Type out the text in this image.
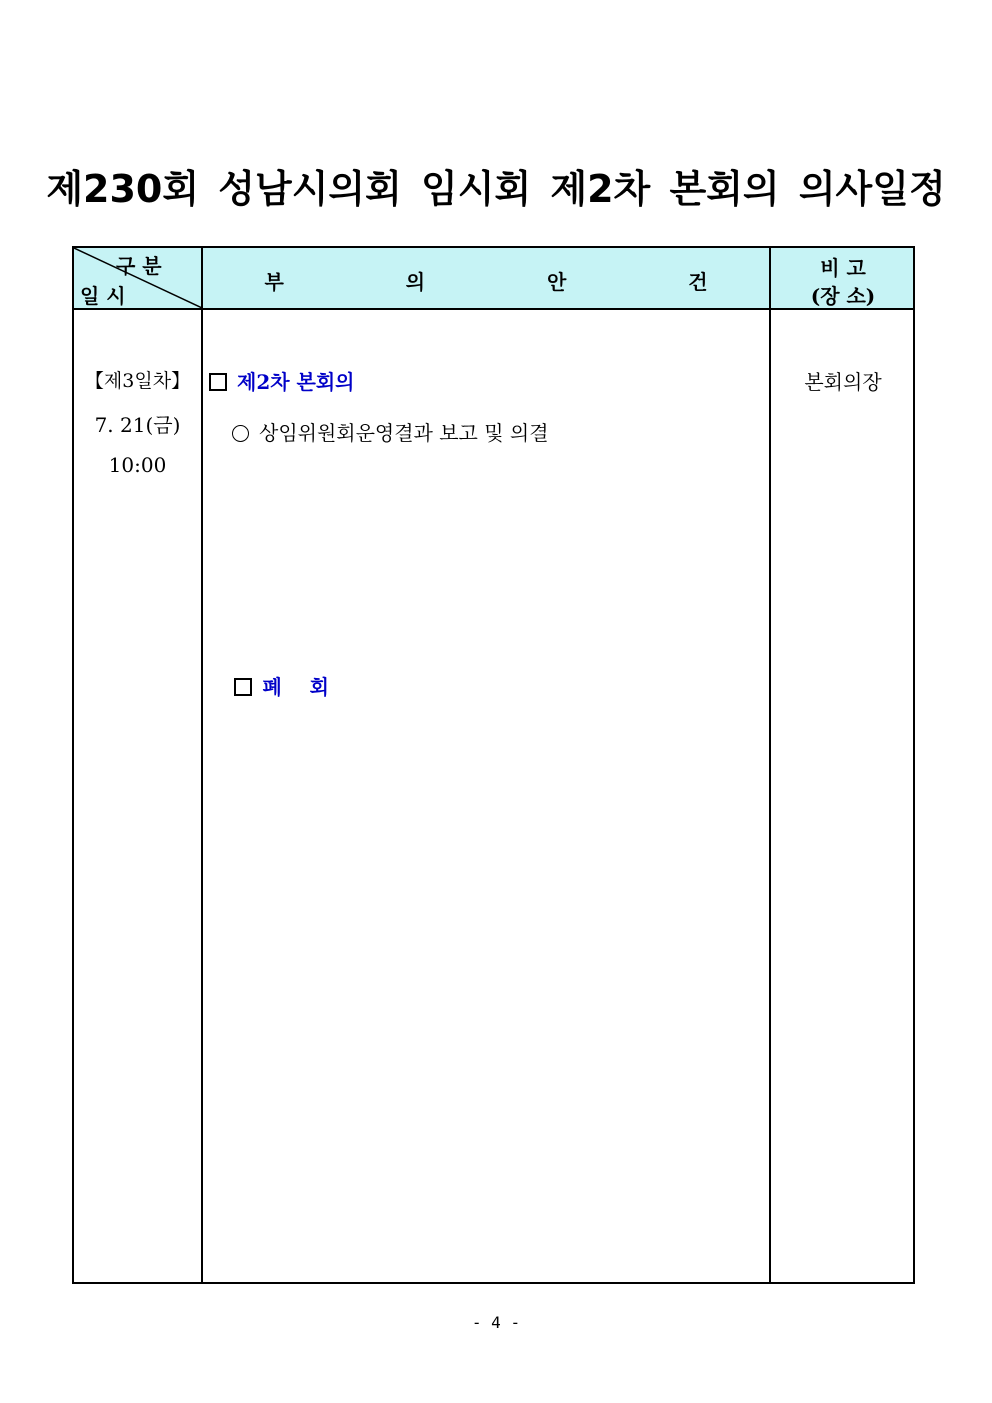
제230회 성남시의회 임시회 제2차 본회의 의사일정
구 분
일 시
부  의  안  건
비 고
(장 소)
【제3일차】
7. 21(금)
10:00
제2차 본회의
상임위원회운영결과 보고 및 의결

폐    회

본회의장
- 4 -
